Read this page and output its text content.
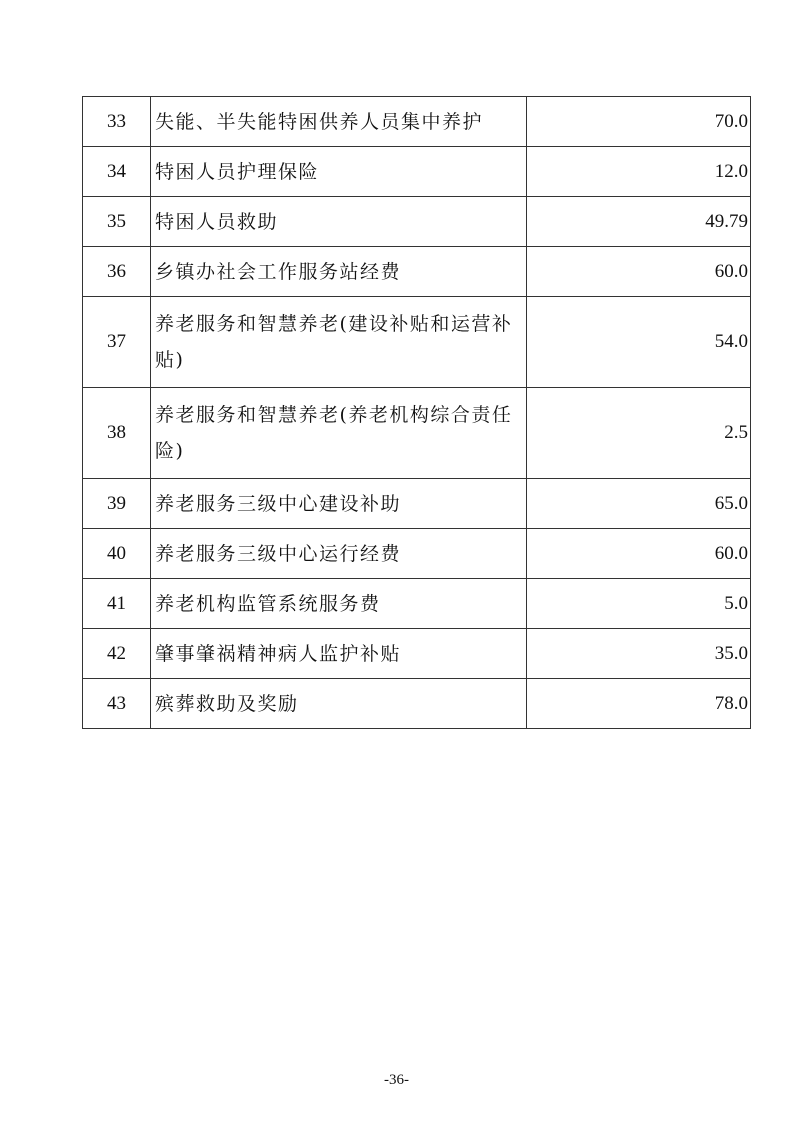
33	失能、半失能特困供养人员集中养护	70.0
34	特困人员护理保险	12.0
35	特困人员救助	49.79
36	乡镇办社会工作服务站经费	60.0
37	养老服务和智慧养老(建设补贴和运营补贴)	54.0
38	养老服务和智慧养老(养老机构综合责任险)	2.5
39	养老服务三级中心建设补助	65.0
40	养老服务三级中心运行经费	60.0
41	养老机构监管系统服务费	5.0
42	肇事肇祸精神病人监护补贴	35.0
43	殡葬救助及奖励	78.0
-36-
